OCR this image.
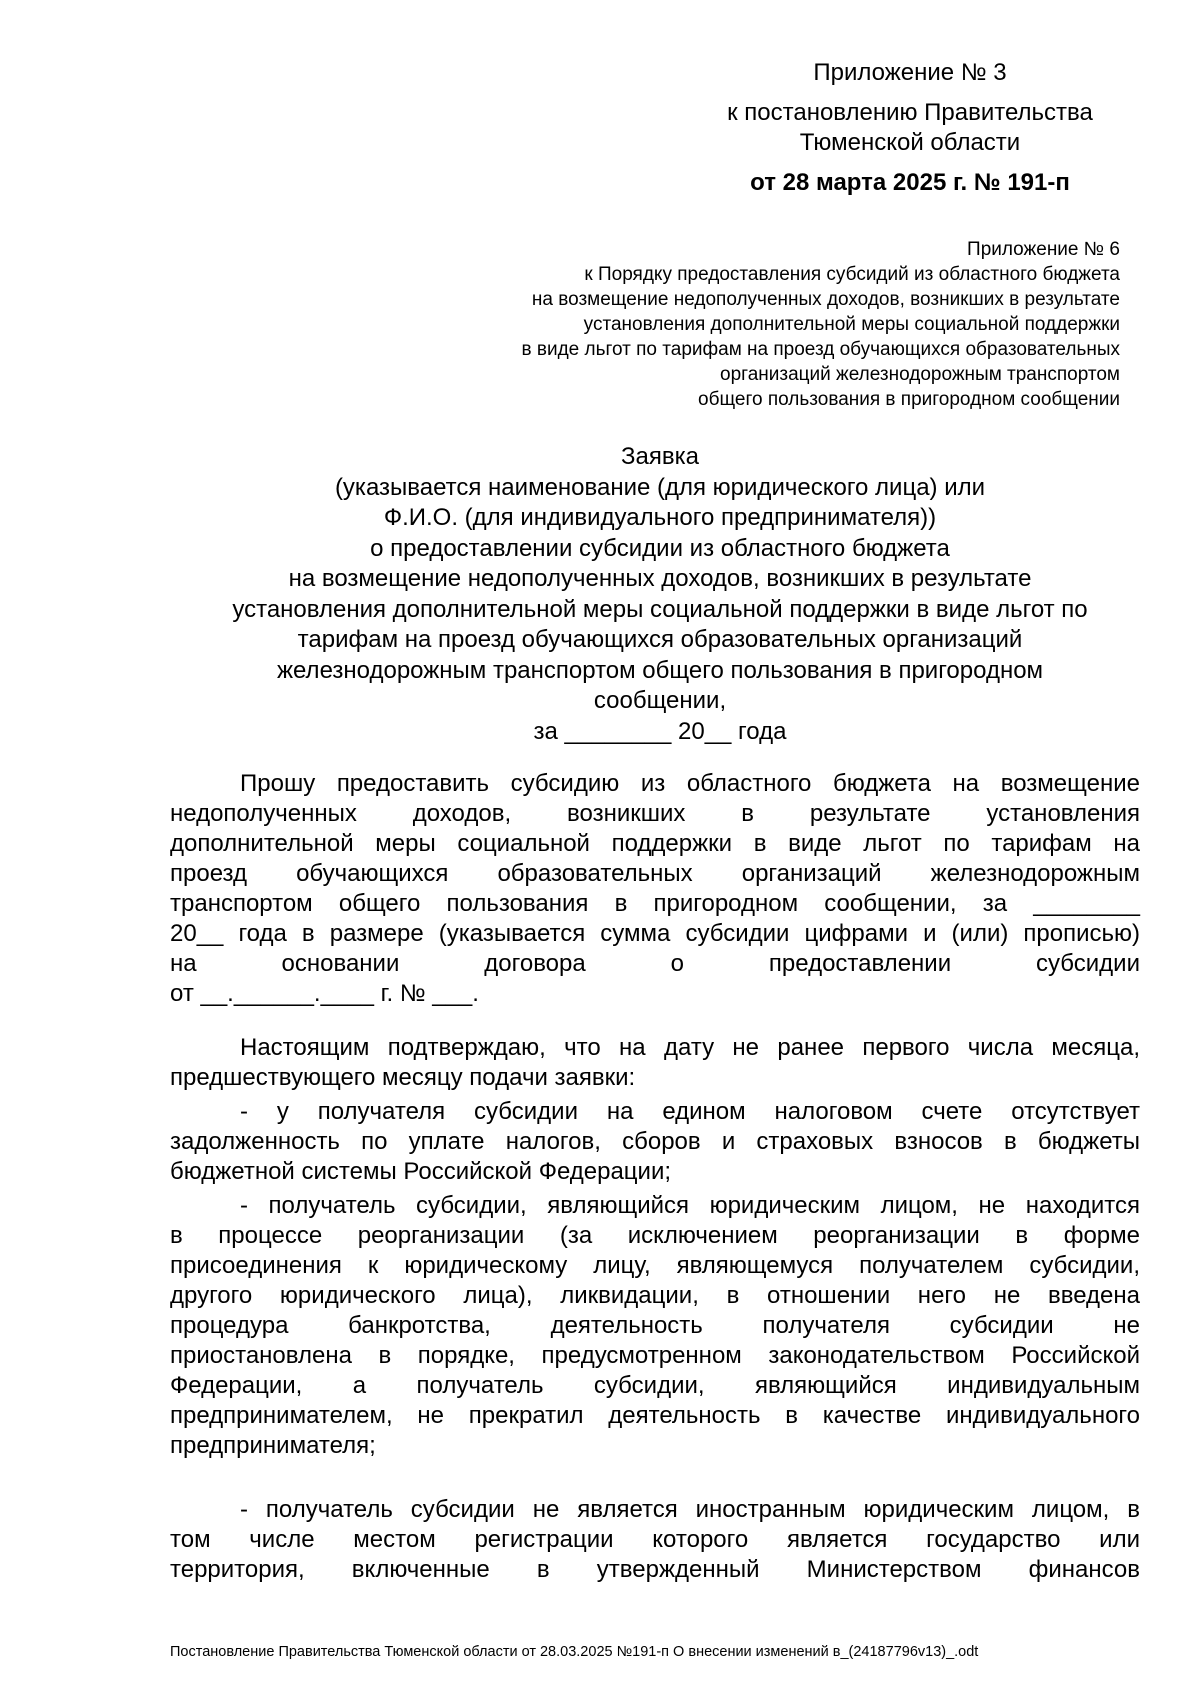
Приложение № 3
к постановлению Правительства
Тюменской области
от 28 марта 2025 г. № 191-п
Приложение № 6
к Порядку предоставления субсидий из областного бюджета
на возмещение недополученных доходов, возникших в результате
установления дополнительной меры социальной поддержки
в виде льгот по тарифам на проезд обучающихся образовательных
организаций железнодорожным транспортом
общего пользования в пригородном сообщении
Заявка
(указывается наименование (для юридического лица) или
Ф.И.О. (для индивидуального предпринимателя))
о предоставлении субсидии из областного бюджета
на возмещение недополученных доходов, возникших в результате
установления дополнительной меры социальной поддержки в виде льгот по
тарифам на проезд обучающихся образовательных организаций
железнодорожным транспортом общего пользования в пригородном
сообщении,
за ________ 20__ года
Прошу предоставить субсидию из областного бюджета на возмещение
недополученных доходов, возникших в результате установления
дополнительной меры социальной поддержки в виде льгот по тарифам на
проезд обучающихся образовательных организаций железнодорожным
транспортом общего пользования в пригородном сообщении, за ________
20__ года в размере (указывается сумма субсидии цифрами и (или) прописью)
на основании договора о предоставлении субсидии
от __.______.____ г. № ___.
Настоящим подтверждаю, что на дату не ранее первого числа месяца,
предшествующего месяцу подачи заявки:
- у получателя субсидии на едином налоговом счете отсутствует
задолженность по уплате налогов, сборов и страховых взносов в бюджеты
бюджетной системы Российской Федерации;
- получатель субсидии, являющийся юридическим лицом, не находится
в процессе реорганизации (за исключением реорганизации в форме
присоединения к юридическому лицу, являющемуся получателем субсидии,
другого юридического лица), ликвидации, в отношении него не введена
процедура банкротства, деятельность получателя субсидии не
приостановлена в порядке, предусмотренном законодательством Российской
Федерации, а получатель субсидии, являющийся индивидуальным
предпринимателем, не прекратил деятельность в качестве индивидуального
предпринимателя;
- получатель субсидии не является иностранным юридическим лицом, в
том числе местом регистрации которого является государство или
территория, включенные в утвержденный Министерством финансов
Постановление Правительства Тюменской области от 28.03.2025 №191-п О внесении изменений в_(24187796v13)_.odt
